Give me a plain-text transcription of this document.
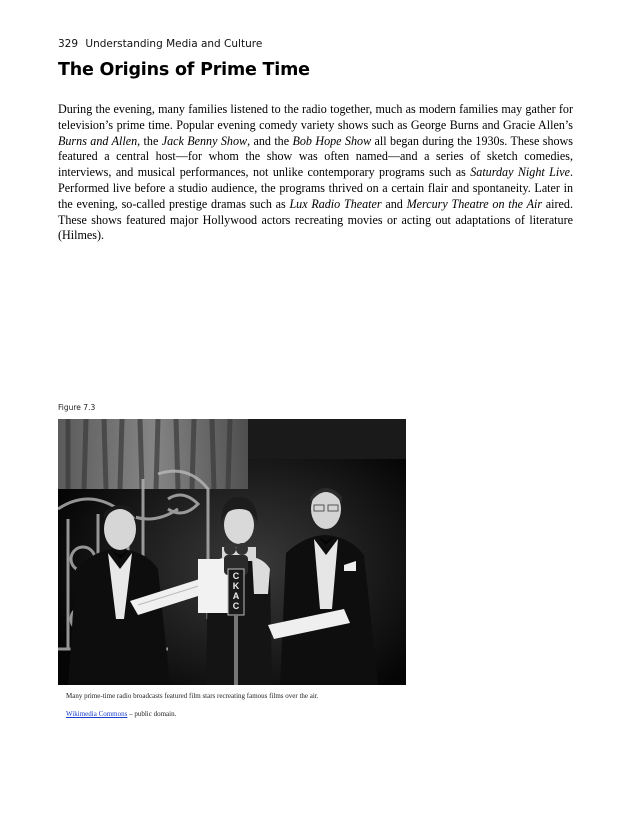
329 Understanding Media and Culture
The Origins of Prime Time

During the evening, many families listened to the radio together, much as modern families may gather for television’s prime time. Popular evening comedy variety shows such as George Burns and Gracie Allen’s Burns and Allen, the Jack Benny Show, and the Bob Hope Show all began during the 1930s. These shows featured a central host—for whom the show was often named—and a series of sketch comedies, interviews, and musical performances, not unlike contemporary programs such as Saturday Night Live. Performed live before a studio audience, the programs thrived on a certain flair and spontaneity. Later in the evening, so-called prestige dramas such as Lux Radio Theater and Mercury Theatre on the Air aired. These shows featured major Hollywood actors recreating movies or acting out adaptations of literature (Hilmes).

Figure 7.3
C
K
A
C
Many prime-time radio broadcasts featured film stars recreating famous films over the air.
Wikimedia Commons – public domain.
